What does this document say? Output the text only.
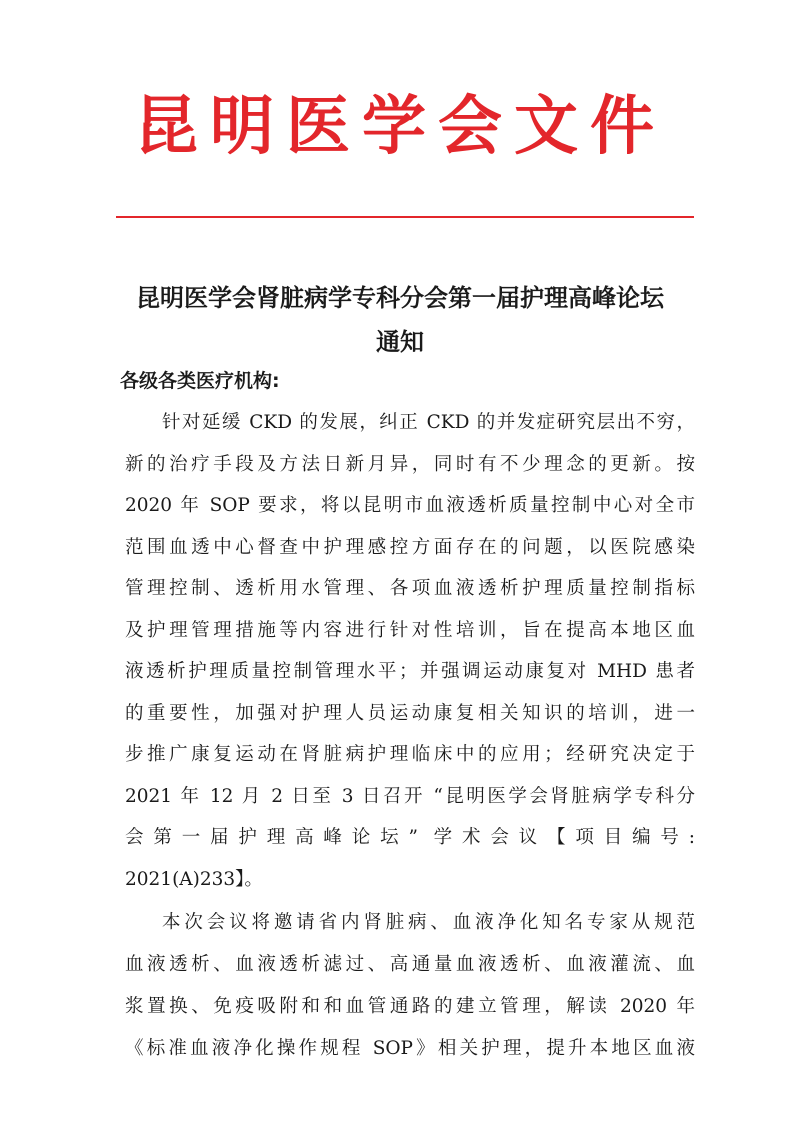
昆明医学会文件
昆明医学会肾脏病学专科分会第一届护理高峰论坛
通知
各级各类医疗机构:
针对延缓 CKD 的发展，纠正 CKD 的并发症研究层出不穷，
新的治疗手段及方法日新月异，同时有不少理念的更新。按
2020 年 SOP 要求，将以昆明市血液透析质量控制中心对全市
范围血透中心督查中护理感控方面存在的问题，以医院感染
管理控制、透析用水管理、各项血液透析护理质量控制指标
及护理管理措施等内容进行针对性培训，旨在提高本地区血
液透析护理质量控制管理水平；并强调运动康复对 MHD 患者
的重要性，加强对护理人员运动康复相关知识的培训，进一
步推广康复运动在肾脏病护理临床中的应用；经研究决定于
2021 年 12 月 2 日至 3 日召开 “昆明医学会肾脏病学专科分
会第一届护理高峰论坛” 学术会议【项目编号:
2021(A)233】。
本次会议将邀请省内肾脏病、血液净化知名专家从规范
血液透析、血液透析滤过、高通量血液透析、血液灌流、血
浆置换、免疫吸附和和血管通路的建立管理，解读 2020 年
《标准血液净化操作规程 SOP》相关护理，提升本地区血液
